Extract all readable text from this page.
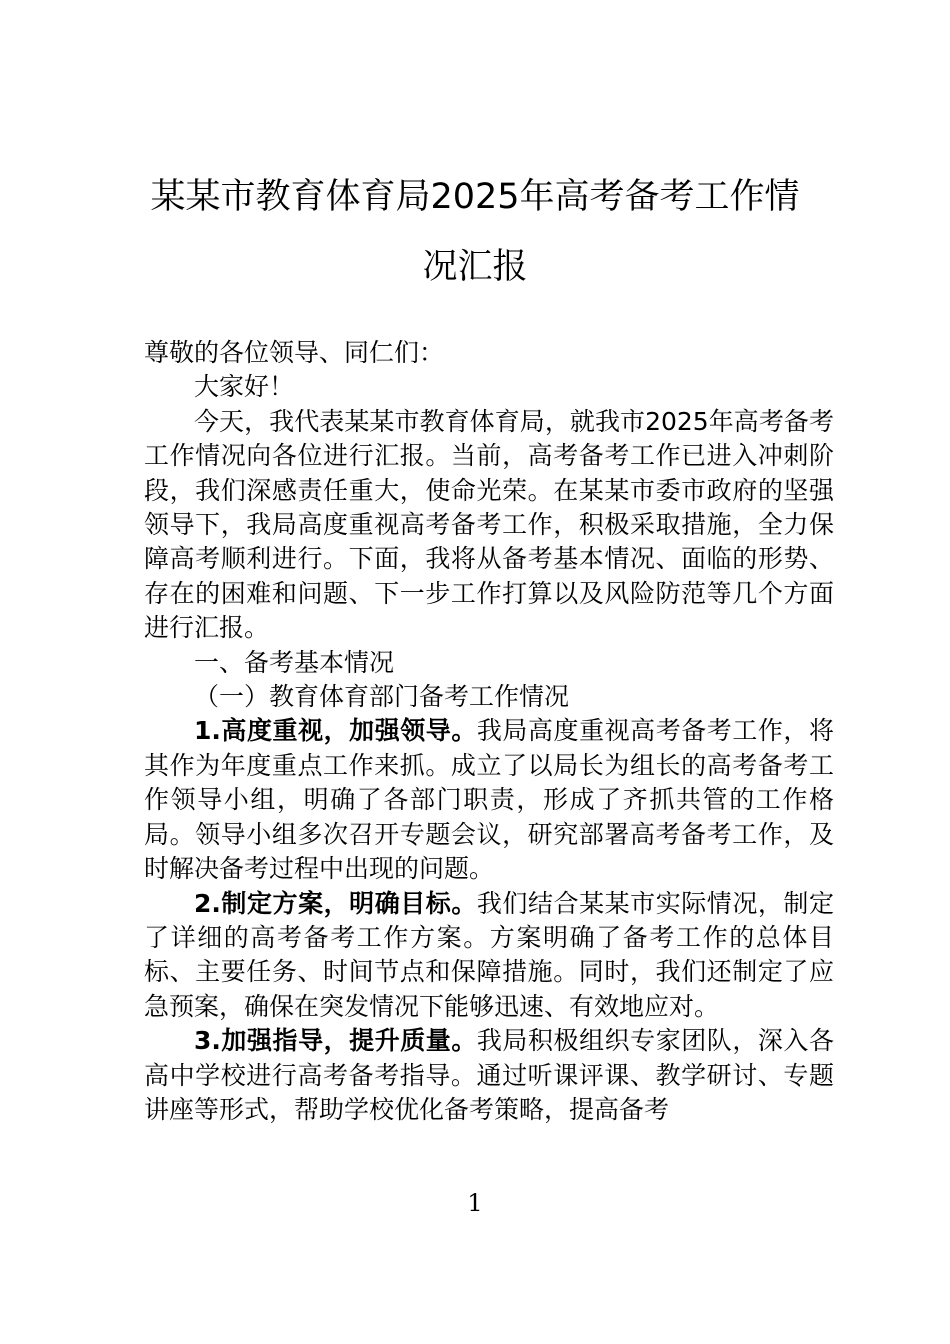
某某市教育体育局2025年高考备考工作情
况汇报

尊敬的各位领导、同仁们：

大家好！

今天，我代表某某市教育体育局，就我市2025年高考备考工作情况向各位进行汇报。当前，高考备考工作已进入冲刺阶段，我们深感责任重大，使命光荣。在某某市委市政府的坚强领导下，我局高度重视高考备考工作，积极采取措施，全力保障高考顺利进行。下面，我将从备考基本情况、面临的形势、存在的困难和问题、下一步工作打算以及风险防范等几个方面进行汇报。

一、备考基本情况

（一）教育体育部门备考工作情况

1.高度重视，加强领导。我局高度重视高考备考工作，将其作为年度重点工作来抓。成立了以局长为组长的高考备考工作领导小组，明确了各部门职责，形成了齐抓共管的工作格局。领导小组多次召开专题会议，研究部署高考备考工作，及时解决备考过程中出现的问题。

2.制定方案，明确目标。我们结合某某市实际情况，制定了详细的高考备考工作方案。方案明确了备考工作的总体目标、主要任务、时间节点和保障措施。同时，我们还制定了应急预案，确保在突发情况下能够迅速、有效地应对。

3.加强指导，提升质量。我局积极组织专家团队，深入各高中学校进行高考备考指导。通过听课评课、教学研讨、专题讲座等形式，帮助学校优化备考策略，提高备考

1
